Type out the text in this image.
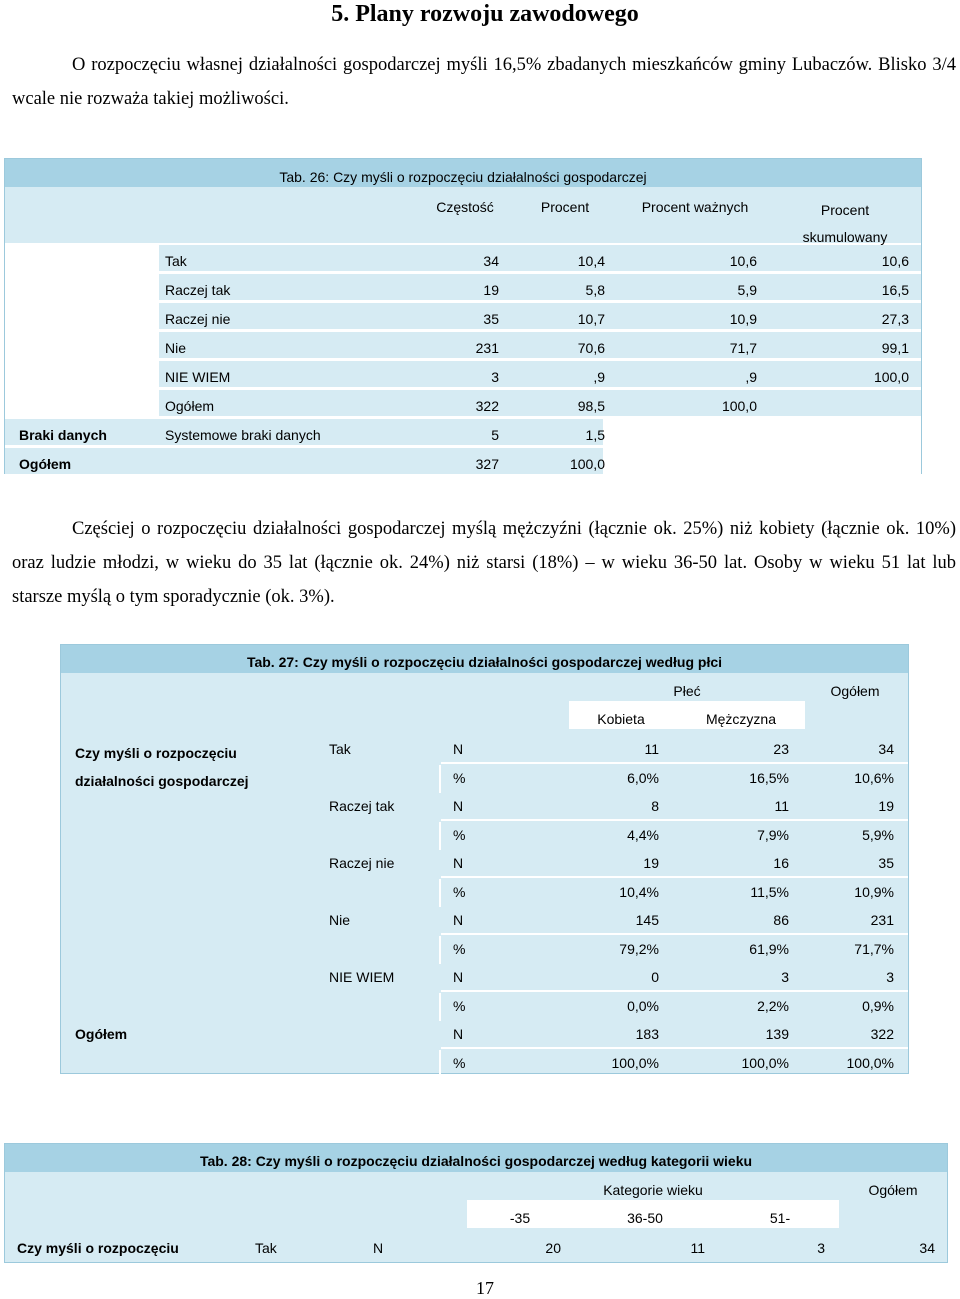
5. Plany rozwoju zawodowego

O rozpoczęciu własnej działalności gospodarczej myśli 16,5% zbadanych mieszkańców gminy Lubaczów. Blisko 3/4 wcale nie rozważa takiej możliwości.

Tab. 26: Czy myśli o rozpoczęciu działalności gospodarczej
Częstość	Procent	Procent ważnych	Procent skumulowany
Tak	34	10,4	10,6	10,6
Raczej tak	19	5,8	5,9	16,5
Raczej nie	35	10,7	10,9	27,3
Nie	231	70,6	71,7	99,1
NIE WIEM	3	,9	,9	100,0
Ogółem	322	98,5	100,0
Braki danych	Systemowe braki danych	5	1,5
Ogółem	327	100,0

Częściej o rozpoczęciu działalności gospodarczej myślą mężczyźni (łącznie ok. 25%) niż kobiety (łącznie ok. 10%) oraz ludzie młodzi, w wieku do 35 lat (łącznie ok. 24%) niż starsi (18%) – w wieku 36-50 lat. Osoby w wieku 51 lat lub starsze myślą o tym sporadycznie (ok. 3%).

Tab. 27: Czy myśli o rozpoczęciu działalności gospodarczej według płci
Płeć	Ogółem
Kobieta	Mężczyzna
Czy myśli o rozpoczęciu działalności gospodarczej
Tak	N	11	23	34
%	6,0%	16,5%	10,6%
Raczej tak	N	8	11	19
%	4,4%	7,9%	5,9%
Raczej nie	N	19	16	35
%	10,4%	11,5%	10,9%
Nie	N	145	86	231
%	79,2%	61,9%	71,7%
NIE WIEM	N	0	3	3
%	0,0%	2,2%	0,9%
Ogółem	N	183	139	322
%	100,0%	100,0%	100,0%
Tab. 28: Czy myśli o rozpoczęciu działalności gospodarczej według kategorii wieku
Kategorie wieku	Ogółem
-35	36-50	51-
Czy myśli o rozpoczęciu	Tak	N	20	11	3	34
17
